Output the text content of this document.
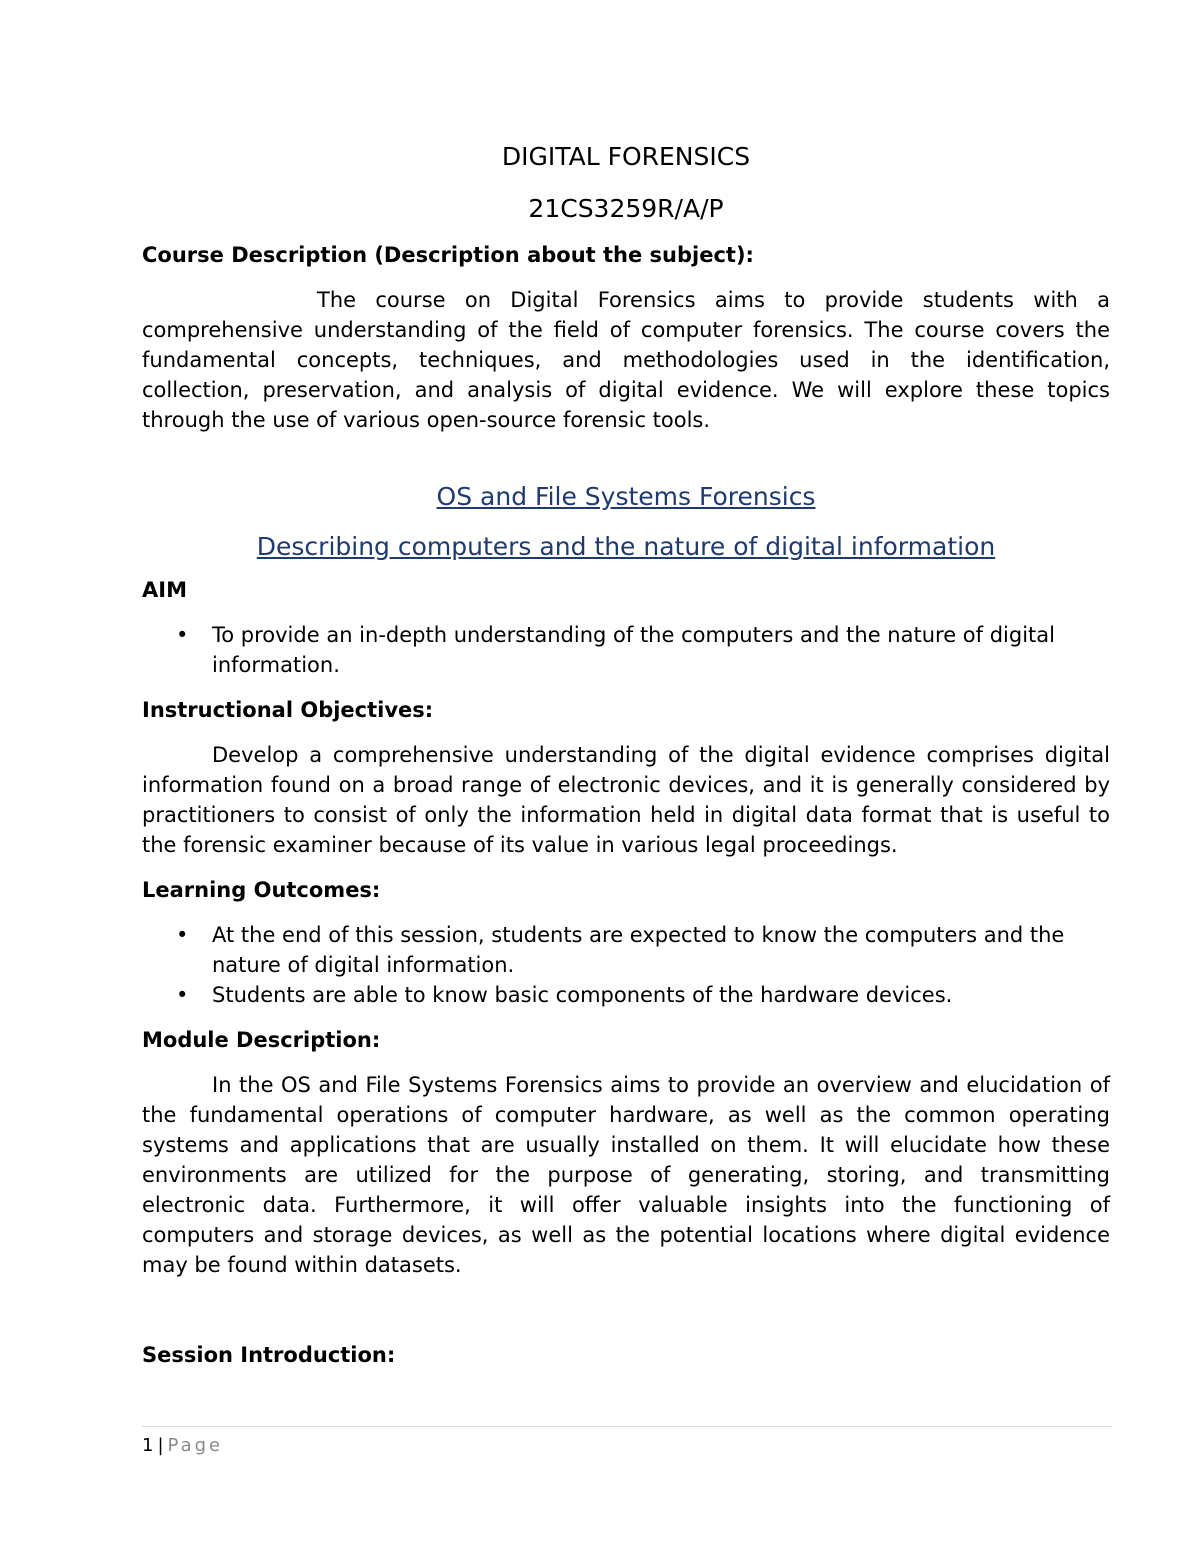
DIGITAL FORENSICS
21CS3259R/A/P

Course Description (Description about the subject):

The course on Digital Forensics aims to provide students with a comprehensive understanding of the field of computer forensics. The course covers the fundamental concepts, techniques, and methodologies used in the identification, collection, preservation, and analysis of digital evidence. We will explore these topics through the use of various open-source forensic tools.

OS and File Systems Forensics
Describing computers and the nature of digital information

AIM

• To provide an in-depth understanding of the computers and the nature of digital information.

Instructional Objectives:

Develop a comprehensive understanding of the digital evidence comprises digital information found on a broad range of electronic devices, and it is generally considered by practitioners to consist of only the information held in digital data format that is useful to the forensic examiner because of its value in various legal proceedings.

Learning Outcomes:

• At the end of this session, students are expected to know the computers and the nature of digital information.
• Students are able to know basic components of the hardware devices.

Module Description:

In the OS and File Systems Forensics aims to provide an overview and elucidation of the fundamental operations of computer hardware, as well as the common operating systems and applications that are usually installed on them. It will elucidate how these environments are utilized for the purpose of generating, storing, and transmitting electronic data. Furthermore, it will offer valuable insights into the functioning of computers and storage devices, as well as the potential locations where digital evidence may be found within datasets.

Session Introduction:

1 | Page
